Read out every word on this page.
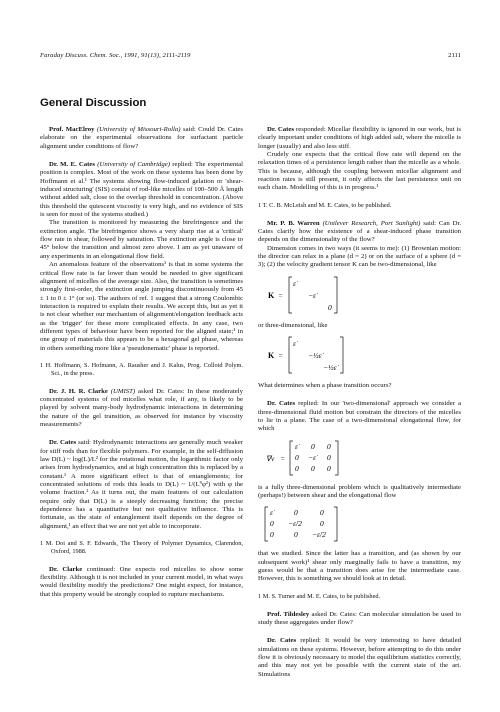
Faraday Discuss. Chem. Soc., 1991, 91(13), 2111-2119	2111
General Discussion

Prof. MacElroy (University of Missouri-Rolla) said: Could Dr. Cates elaborate on the experimental observations for surfactant particle alignment under conditions of flow?

Dr. M. E. Cates (University of Cambridge) replied: The experimental position is complex. Most of the work on these systems has been done by Hoffmann et al.¹ The systems showing flow-induced gelation or 'shear-induced structuring' (SIS) consist of rod-like micelles of 100–500 Å length without added salt, close to the overlap threshold in concentration. (Above this threshold the quiescent viscosity is very high, and no evidence of SIS is seen for most of the systems studied.)

The transition is monitored by measuring the birefringence and the extinction angle. The birefringence shows a very sharp rise at a 'critical' flow rate in shear, followed by saturation. The extinction angle is close to 45° below the transition and almost zero above. I am as yet unaware of any experiments in an elongational flow field.

An anomalous feature of the observations¹ is that in some systems the critical flow rate is far lower than would be needed to give significant alignment of micelles of the average size. Also, the transition is sometimes strongly first-order, the extinction angle jumping discontinuously from 45 ± 1 to 0 ± 1° (or so). The authors of ref. 1 suggest that a strong Coulombic interaction is required to explain their results. We accept this, but as yet it is not clear whether our mechanism of alignment/elongation feedback acts as the 'trigger' for these more complicated effects. In any case, two different types of behaviour have been reported for the aligned state;¹ in one group of materials this appears to be a hexagonal gel phase, whereas in others something more like a 'pseudonematic' phase is reported.

1 H. Hoffmann, S. Hofmann, A. Rausher and J. Kalus, Prog. Colloid Polym. Sci., in the press.

Dr. J. H. R. Clarke (UMIST) asked Dr. Cates: In these moderately concentrated systems of rod micelles what role, if any, is likely to be played by solvent many-body hydrodynamic interactions in determining the nature of the gel transition, as observed for instance by viscosity measurements?

Dr. Cates said: Hydrodynamic interactions are generally much weaker for stiff rods than for flexible polymers. For example, in the self-diffusion law D(L) ~ log(L)/L² for the rotational motion, the logarithmic factor only arises from hydrodynamics, and at high concentration this is replaced by a constant.¹ A more significant effect is that of entanglements; for concentrated solutions of rods this leads to D(L) ~ 1/(L⁹φ²) with φ the volume fraction.² As it turns out, the main features of our calculation require only that D(L) is a steeply decreasing function; the precise dependence has a quantitative but not qualitative influence. This is fortunate, as the state of entanglement itself depends on the degree of alignment,¹ an effect that we are not yet able to incorporate.

1 M. Doi and S. F. Edwards, The Theory of Polymer Dynamics, Clarendon, Oxford, 1988.

Dr. Clarke continued: One expects rod micelles to show some flexibility. Although it is not included in your current model, in what ways would flexibility modify the predictions? One might expect, for instance, that this property would be strongly coupled to rupture mechanisms.

Dr. Cates responded: Micellar flexibility is ignored in our work, but is clearly important under conditions of high added salt, where the micelle is longer (usually) and also less stiff.

Crudely one expects that the critical flow rate will depend on the relaxation times of a persistence length rather than the micelle as a whole. This is because, although the coupling between micellar alignment and reaction rates is still present, it only affects the last persistence unit on each chain. Modelling of this is in progress.¹

1 T. C. B. McLeish and M. E. Cates, to be published.

Mr. P. B. Warren (Unilever Research, Port Sunlight) said: Can Dr. Cates clarify how the existence of a shear-induced phase transition depends on the dimensionality of the flow?

Dimension comes in two ways (it seems to me): (1) Brownian motion: the director can relax in a plane (d = 2) or on the surface of a sphere (d = 3); (2) the velocity gradient tensor K can be two-dimensional, like

K =
ε̇
−ε̇
0

or three-dimensional, like

K =
ε̇
−½ε̇
−½ε̇

What determines when a phase transition occurs?

Dr. Cates replied: In our 'two-dimensional' approach we consider a three-dimensional fluid motion but constrain the directors of the micelles to lie in a plane. The case of a two-dimensional elongational flow, for which

∇v =
ε̇	0 0
0 −ε̇	0
0 0 0

is a fully three-dimensional problem which is qualitatively intermediate (perhaps!) between shear and the elongational flow

ε̇	0	0
0 −ε̇/2 0
0	0 −ε̇/2

that we studied. Since the latter has a transition, and (as shown by our subsequent work)¹ shear only marginally fails to have a transition, my guess would be that a transition does arise for the intermediate case. However, this is something we should look at in detail.

1 M. S. Turner and M. E. Cates, to be published.

Prof. Tildesley asked Dr. Cates: Can molecular simulation be used to study these aggregates under flow?

Dr. Cates replied: It would be very interesting to have detailed simulations on these systems. However, before attempting to do this under flow it is obviously necessary to model the equilibrium statistics correctly, and this may not yet be possible with the current state of the art. Simulations
